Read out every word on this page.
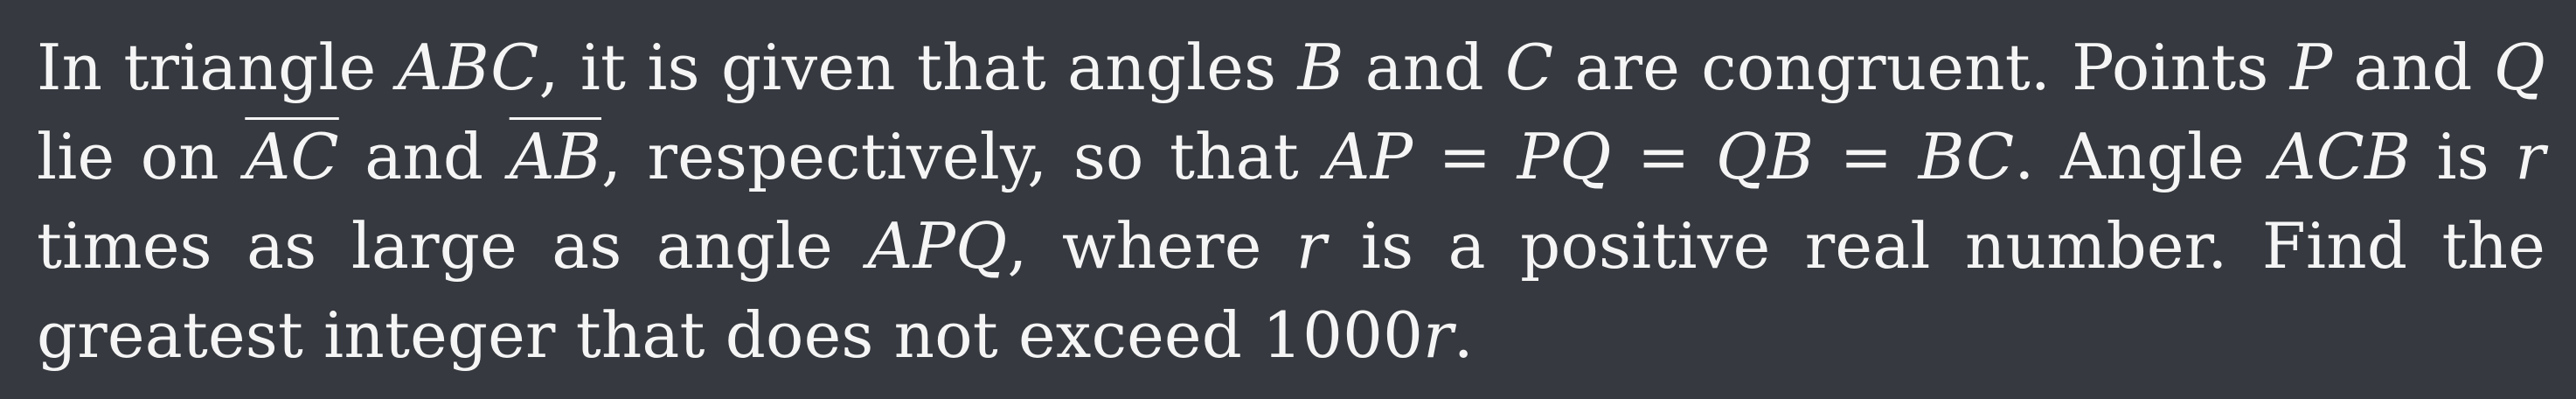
In triangle ABC, it is given that angles B and C are congruent. Points P and Q lie on $\overline{AC}$ and $\overline{AB}$, respectively, so that AP = PQ = QB = BC. Angle ACB is r times as large as angle APQ, where r is a positive real number. Find the greatest integer that does not exceed 1000r.
